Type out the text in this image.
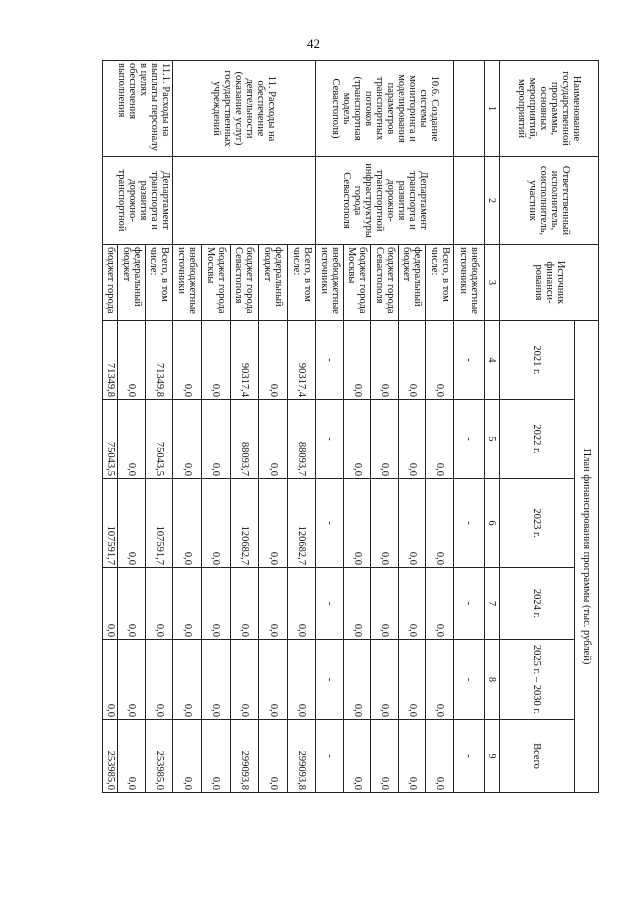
42
Наименование государственной программы, основных мероприятий, мероприятий	Ответственный исполнитель, соисполнитель, участник	Источник финанси-рования	План финансирования программы (тыс. рублей)					
			2021 г.	2022 г.	2023 г.	2024 г.	2025 г. – 2030 г.	Всего
1	2	3	4	5	6	7	8	9
		внебюджетные источники	-	-	-	-	-	-
10.6. Создание системы мониторинга и моделирования параметров транспортных потоков (транспортная модель Севастополя)	Департамент транспорта и развития дорожно-транспортной инфраструктуры города Севастополя	Всего, в том числе:	0,0	0,0	0,0	0,0	0,0	0,0
		федеральный бюджет	0,0	0,0	0,0	0,0	0,0	0,0
		бюджет города Севастополя	0,0	0,0	0,0	0,0	0,0	0,0
		бюджет города Москвы	0,0	0,0	0,0	0,0	0,0	0,0
		внебюджетные источники	-	-	-	-	-	-
11. Расходы на обеспечение деятельности (оказание услуг) государственных учреждений		Всего, в том числе:	90317,4	88093,7	120682,7	0,0	0,0	299093,8
		федеральный бюджет	0,0	0,0	0,0	0,0	0,0	0,0
		бюджет города Севастополя	90317,4	88093,7	120682,7	0,0	0,0	299093,8
		бюджет города Москвы	0,0	0,0	0,0	0,0	0,0	0,0
		внебюджетные источники	0,0	0,0	0,0	0,0	0,0	0,0
11.1. Расходы на выплаты персоналу в целях обеспечения выполнения	Департамент транспорта и развития дорожно-транспортной	Всего, в том числе:	71349,8	75043,5	107591,7	0,0	0,0	253985,0
		федеральный бюджет	0,0	0,0	0,0	0,0	0,0	0,0
		бюджет города	71349,8	75043,5	107591,7	0,0	0,0	253985,0
